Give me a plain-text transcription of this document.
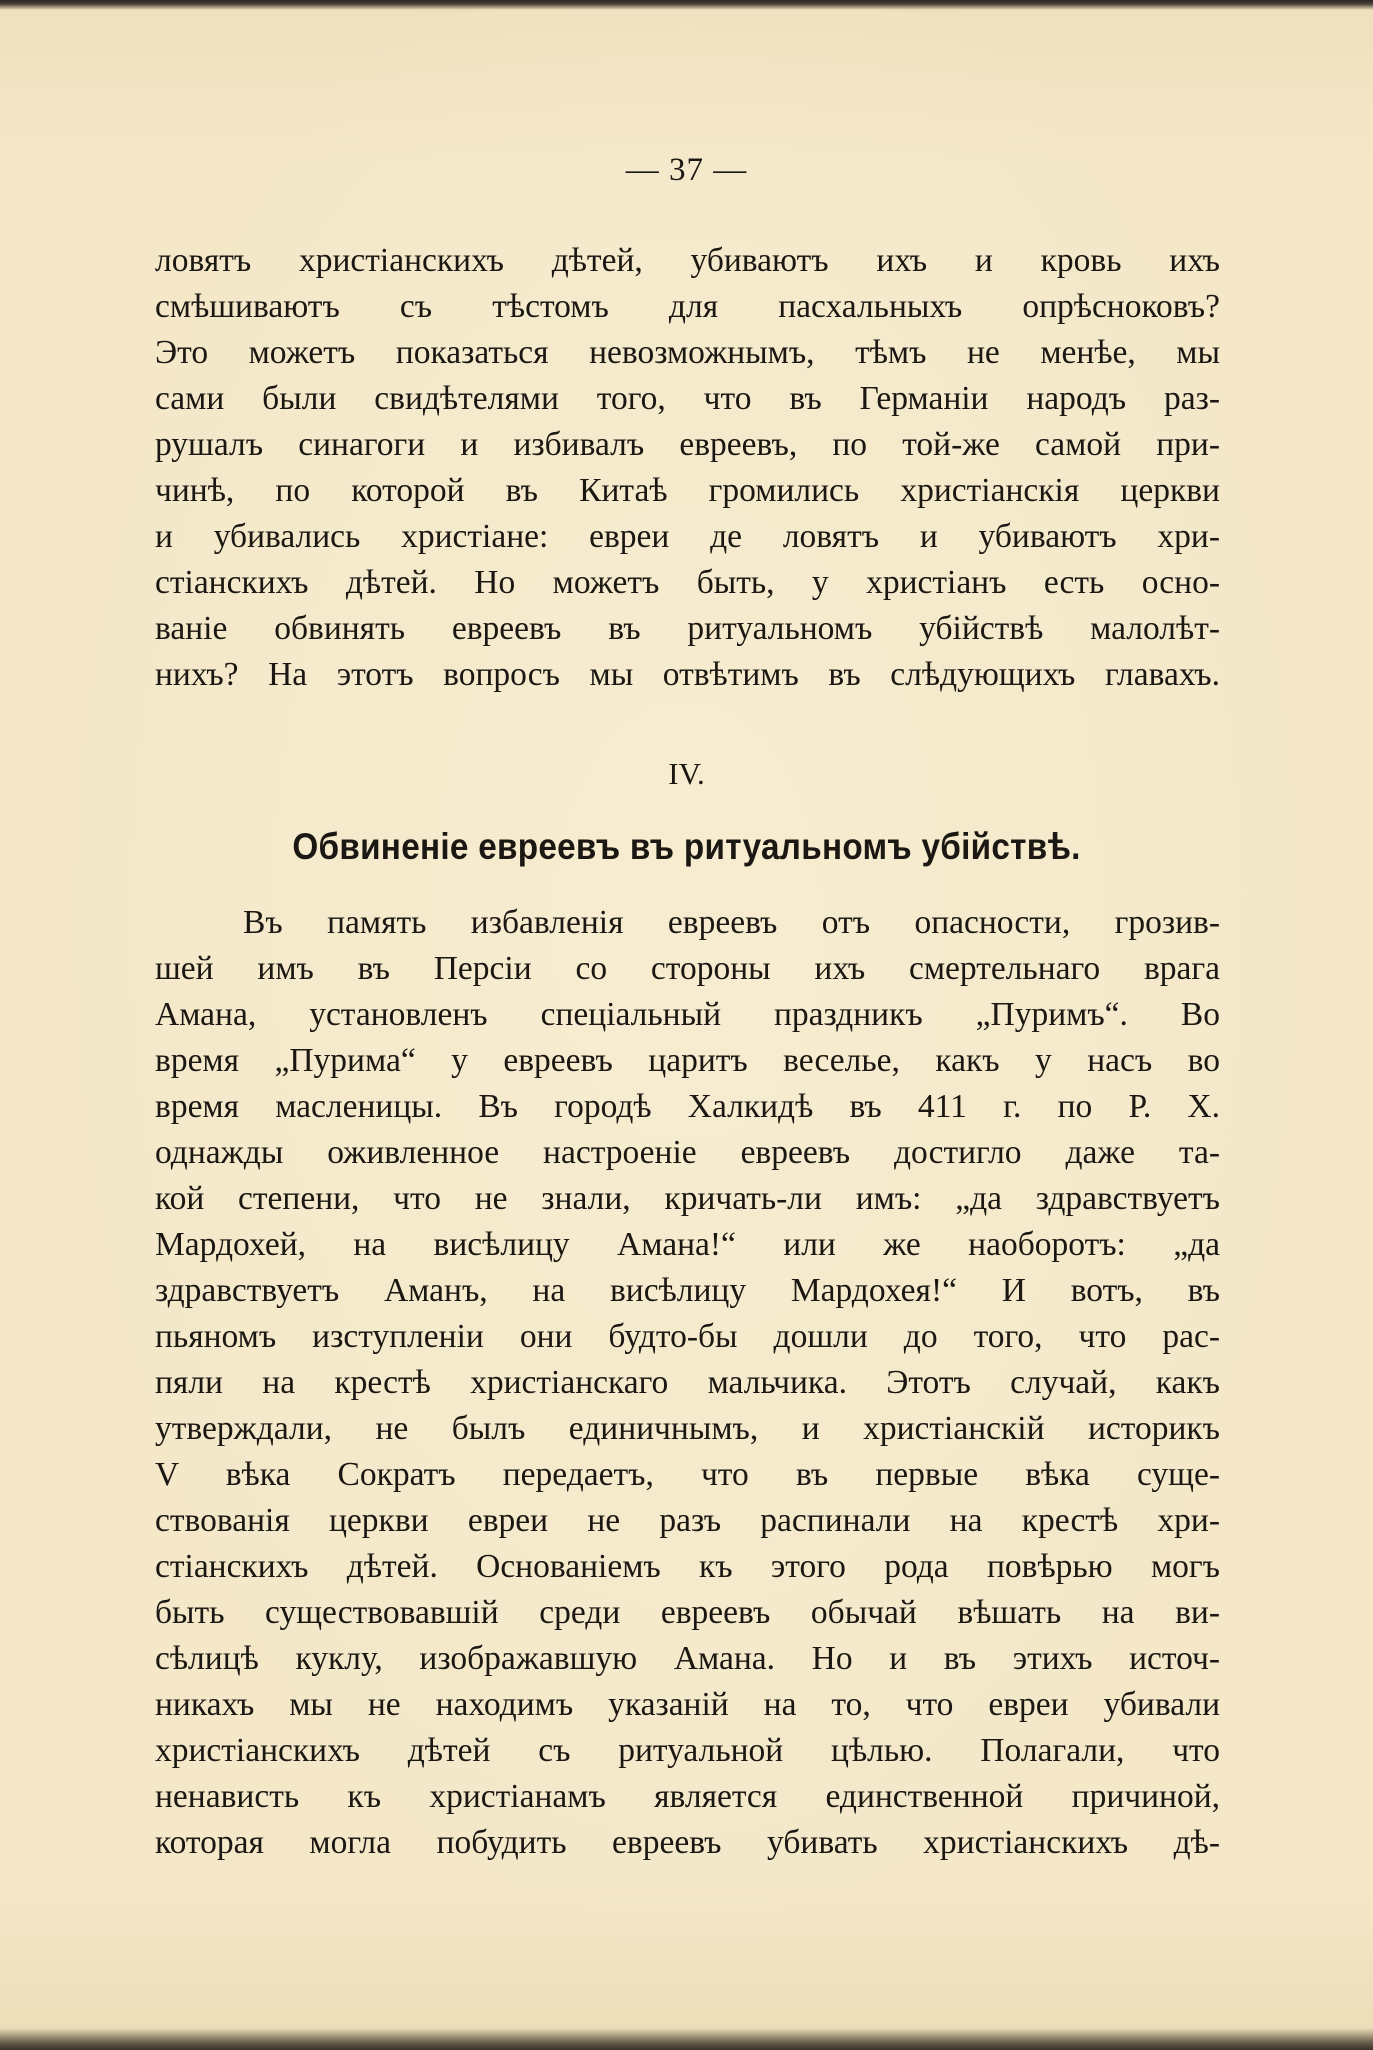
— 37 —
ловятъ христіанскихъ дѣтей, убиваютъ ихъ и кровь ихъ
смѣшиваютъ съ тѣстомъ для пасхальныхъ опрѣсноковъ?
Это можетъ показаться невозможнымъ, тѣмъ не менѣе, мы
сами были свидѣтелями того, что въ Германіи народъ раз-
рушалъ синагоги и избивалъ евреевъ, по той-же самой при-
чинѣ, по которой въ Китаѣ громились христіанскія церкви
и убивались христіане: евреи де ловятъ и убиваютъ хри-
стіанскихъ дѣтей. Но можетъ быть, у христіанъ есть осно-
ваніе обвинять евреевъ въ ритуальномъ убійствѣ малолѣт-
нихъ? На этотъ вопросъ мы отвѣтимъ въ слѣдующихъ главахъ.
IV.
Обвиненіе евреевъ въ ритуальномъ убійствѣ.
Въ память избавленія евреевъ отъ опасности, грозив-
шей имъ въ Персіи со стороны ихъ смертельнаго врага
Амана, установленъ спеціальный праздникъ „Пуримъ“. Во
время „Пурима“ у евреевъ царитъ веселье, какъ у насъ во
время масленицы. Въ городѣ Халкидѣ въ 411 г. по Р. Х.
однажды оживленное настроеніе евреевъ достигло даже та-
кой степени, что не знали, кричать-ли имъ: „да здравствуетъ
Мардохей, на висѣлицу Амана!“ или же наоборотъ: „да
здравствуетъ Аманъ, на висѣлицу Мардохея!“ И вотъ, въ
пьяномъ изступленіи они будто-бы дошли до того, что рас-
пяли на крестѣ христіанскаго мальчика. Этотъ случай, какъ
утверждали, не былъ единичнымъ, и христіанскій историкъ
V вѣка Сократъ передаетъ, что въ первые вѣка суще-
ствованія церкви евреи не разъ распинали на крестѣ хри-
стіанскихъ дѣтей. Основаніемъ къ этого рода повѣрью могъ
быть существовавшій среди евреевъ обычай вѣшать на ви-
сѣлицѣ куклу, изображавшую Амана. Но и въ этихъ источ-
никахъ мы не находимъ указаній на то, что евреи убивали
христіанскихъ дѣтей съ ритуальной цѣлью. Полагали, что
ненависть къ христіанамъ является единственной причиной,
которая могла побудить евреевъ убивать христіанскихъ дѣ-
